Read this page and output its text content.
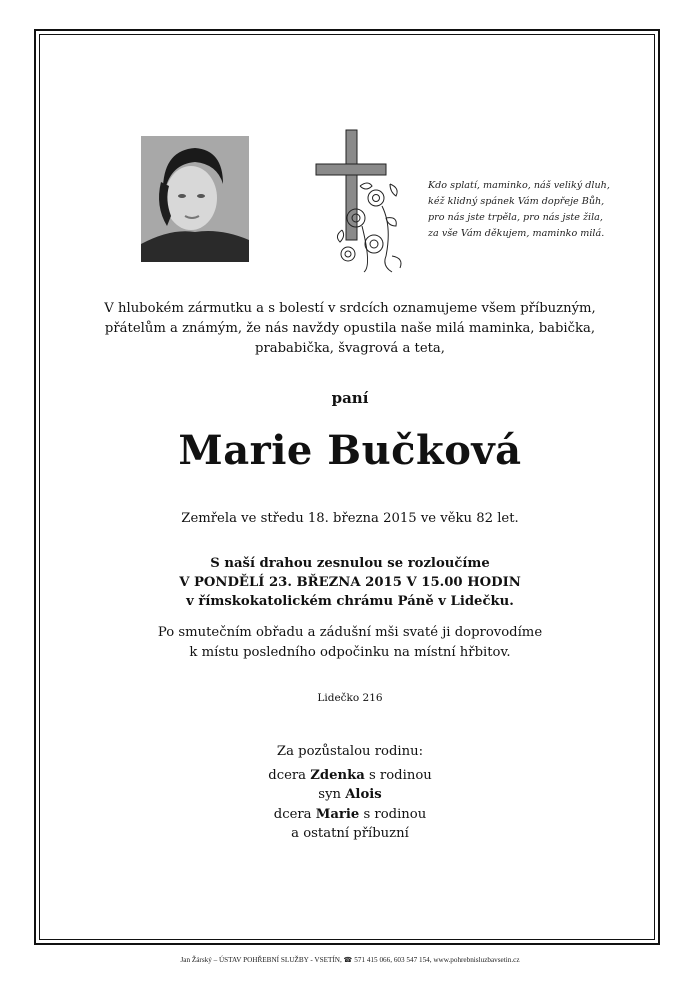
Kdo splatí, maminko, náš veliký dluh,
kéž klidný spánek Vám dopřeje Bůh,
pro nás jste trpěla, pro nás jste žila,
za vše Vám děkujem, maminko milá.
V hlubokém zármutku a s bolestí v srdcích oznamujeme všem příbuzným,
přátelům a známým, že nás navždy opustila naše milá maminka, babička,
prababička, švagrová a teta,
paní
Marie Bučková
Zemřela ve středu 18. března 2015 ve věku 82 let.
S naší drahou zesnulou se rozloučíme
V PONDĚLÍ 23. BŘEZNA 2015 V 15.00 HODIN
v římskokatolickém chrámu Páně v Lidečku.
Po smutečním obřadu a zádušní mši svaté ji doprovodíme
k místu posledního odpočinku na místní hřbitov.
Lidečko 216
Za pozůstalou rodinu:
dcera Zdenka s rodinou
syn Alois
dcera Marie s rodinou
a ostatní příbuzní
Jan Žárský – ÚSTAV POHŘEBNÍ SLUŽBY - VSETÍN, ☎ 571 415 066, 603 547 154, www.pohrebnisluzbavsetin.cz
